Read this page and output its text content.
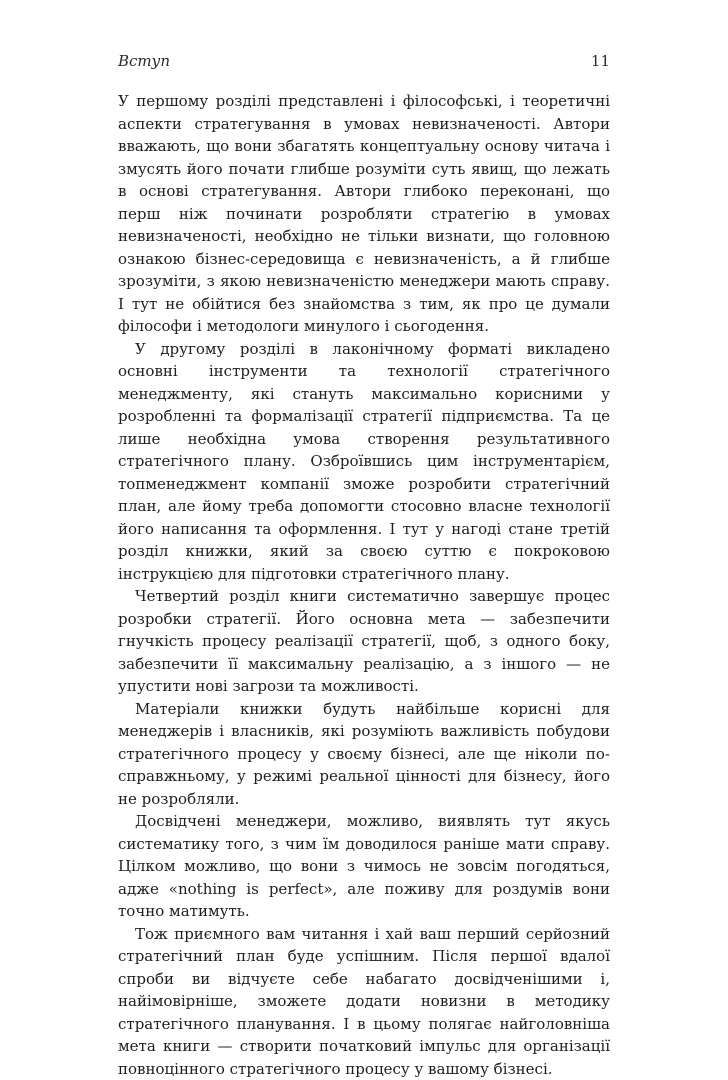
Вступ	11

У першому розділі представлені і філософські, і теоретичні аспекти стратегування в умовах невизначеності. Автори вважають, що вони збагатять концептуальну основу читача і змусять його почати глибше розуміти суть явищ, що лежать в основі стратегування. Автори глибоко переконані, що перш ніж починати розробляти стратегію в умовах невизначеності, необхідно не тільки визнати, що головною ознакою бізнес-середовища є невизначеність, а й глибше зрозуміти, з якою невизначеністю менеджери мають справу. І тут не обійтися без знайомства з тим, як про це думали філософи і методологи минулого і сьогодення.

У другому розділі в лаконічному форматі викладено основні інструменти та технології стратегічного менеджменту, які стануть максимально корисними у розробленні та формалізації стратегії підприємства. Та це лише необхідна умова створення результативного стратегічного плану. Озброївшись цим інструментарієм, топменеджмент компанії зможе розробити стратегічний план, але йому треба допомогти стосовно власне технології його написання та оформлення. І тут у нагоді стане третій розділ книжки, який за своєю суттю є покроковою інструкцією для підготовки стратегічного плану.

Четвертий розділ книги систематично завершує процес розробки стратегії. Його основна мета — забезпечити гнучкість процесу реалізації стратегії, щоб, з одного боку, забезпечити її максимальну реалізацію, а з іншого — не упустити нові загрози та можливості.

Матеріали книжки будуть найбільше корисні для менеджерів і власників, які розуміють важливість побудови стратегічного процесу у своєму бізнесі, але ще ніколи по-справжньому, у режимі реальної цінності для бізнесу, його не розробляли.

Досвідчені менеджери, можливо, виявлять тут якусь систематику того, з чим їм доводилося раніше мати справу. Цілком можливо, що вони з чимось не зовсім погодяться, адже «nothing is perfect», але поживу для роздумів вони точно матимуть.

Тож приємного вам читання і хай ваш перший серйозний стратегічний план буде успішним. Після першої вдалої спроби ви відчуєте себе набагато досвідченішими і, найімовірніше, зможете додати новизни в методику стратегічного планування. І в цьому полягає найголовніша мета книги — створити початковий імпульс для організації повноцінного стратегічного процесу у вашому бізнесі.
